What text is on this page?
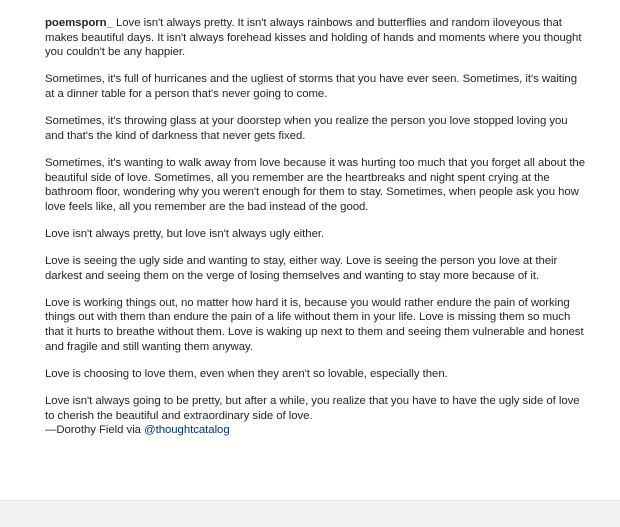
poemsporn_ Love isn't always pretty. It isn't always rainbows and butterflies and random iloveyous that makes beautiful days. It isn't always forehead kisses and holding of hands and moments where you thought you couldn't be any happier.

Sometimes, it's full of hurricanes and the ugliest of storms that you have ever seen. Sometimes, it's waiting at a dinner table for a person that's never going to come.

Sometimes, it's throwing glass at your doorstep when you realize the person you love stopped loving you and that's the kind of darkness that never gets fixed.

Sometimes, it's wanting to walk away from love because it was hurting too much that you forget all about the beautiful side of love. Sometimes, all you remember are the heartbreaks and night spent crying at the bathroom floor, wondering why you weren't enough for them to stay. Sometimes, when people ask you how love feels like, all you remember are the bad instead of the good.

Love isn't always pretty, but love isn't always ugly either.

Love is seeing the ugly side and wanting to stay, either way. Love is seeing the person you love at their darkest and seeing them on the verge of losing themselves and wanting to stay more because of it.

Love is working things out, no matter how hard it is, because you would rather endure the pain of working things out with them than endure the pain of a life without them in your life. Love is missing them so much that it hurts to breathe without them. Love is waking up next to them and seeing them vulnerable and honest and fragile and still wanting them anyway.

Love is choosing to love them, even when they aren't so lovable, especially then.

Love isn't always going to be pretty, but after a while, you realize that you have to have the ugly side of love to cherish the beautiful and extraordinary side of love.
—Dorothy Field via @thoughtcatalog
